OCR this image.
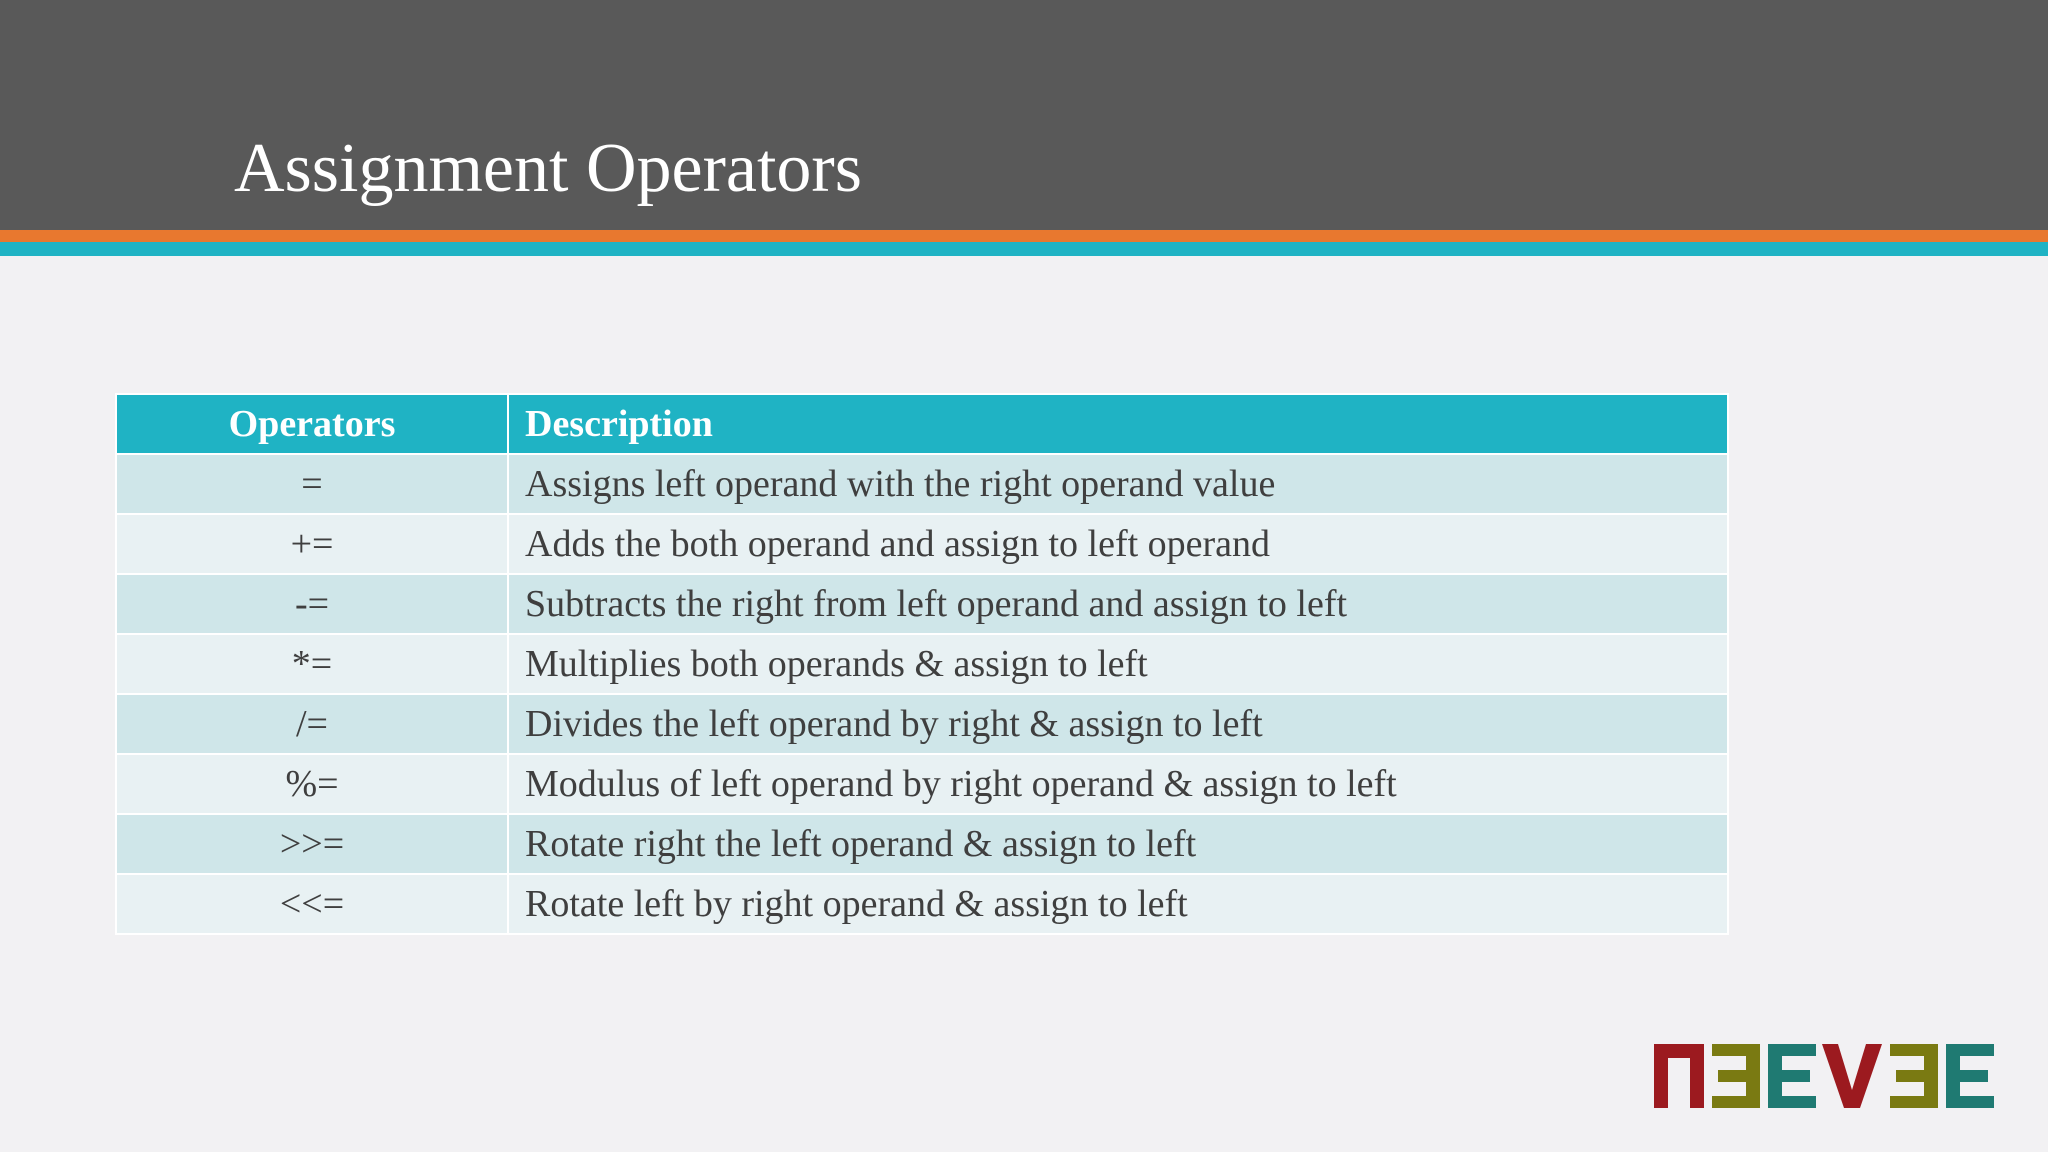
Assignment Operators
Operators	Description
=	Assigns left operand with the right operand value
+=	Adds the both operand and assign to left operand
-=	Subtracts the right from left operand and assign to left
*=	Multiplies both operands & assign to left
/=	Divides the left operand by right & assign to left
%=	Modulus of left operand by right operand & assign to left
>>=	Rotate right the left operand & assign to left
<<=	Rotate left by right operand & assign to left
